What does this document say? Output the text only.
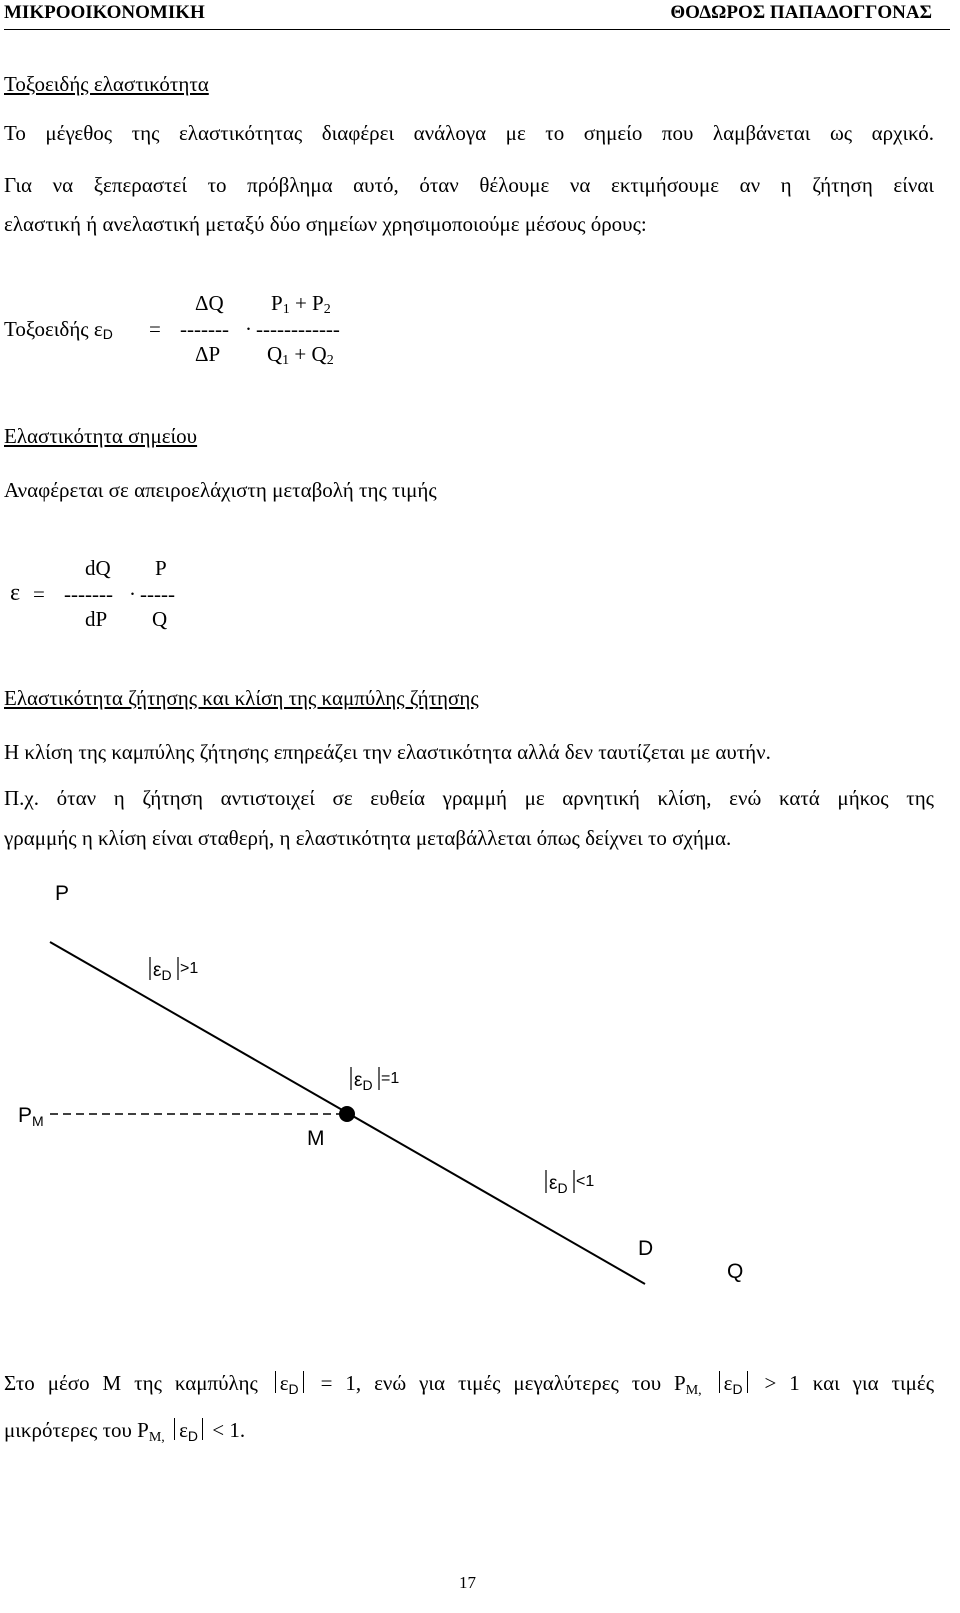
ΜΙΚΡΟΟΙΚΟΝΟΜΙΚΗ	ΘΟΔΩΡΟΣ ΠΑΠΑΔΟΓΓΟΝΑΣ
Τοξοειδής ελαστικότητα
Το μέγεθος της ελαστικότητας διαφέρει ανάλογα με το σημείο που λαμβάνεται ως αρχικό.
Για να ξεπεραστεί το πρόβλημα αυτό, όταν θέλουμε να εκτιμήσουμε αν η ζήτηση είναι
ελαστική ή ανελαστική μεταξύ δύο σημείων χρησιμοποιούμε μέσους όρους:
Τοξοειδής εD =
ΔQ
------- · ------------
ΔP
P1 + P2
Q1 + Q2
Ελαστικότητα σημείου
Αναφέρεται σε απειροελάχιστη μεταβολή της τιμής
ε =
dQ
------- · -----
dP
P
Q
Ελαστικότητα ζήτησης και κλίση της καμπύλης ζήτησης
Η κλίση της καμπύλης ζήτησης επηρεάζει την ελαστικότητα αλλά δεν ταυτίζεται με αυτήν.
Π.χ. όταν η ζήτηση αντιστοιχεί σε ευθεία γραμμή με αρνητική κλίση, ενώ κατά μήκος της
γραμμής η κλίση είναι σταθερή, η ελαστικότητα μεταβάλλεται όπως δείχνει το σχήμα.
P
Q
D
M
PM
$\varepsilon_D$. >1
$\varepsilon_D =1$
$\varepsilon_D <1$
Στο μέσο Μ της καμπύλης $\varepsilon_D = 1$, ενώ για τιμές μεγαλύτερες του $P_{M,}$ $\varepsilon_D > 1$ και για τιμές
μικρότερες του $P_{M,}$ $\varepsilon_D < 1$.
17
